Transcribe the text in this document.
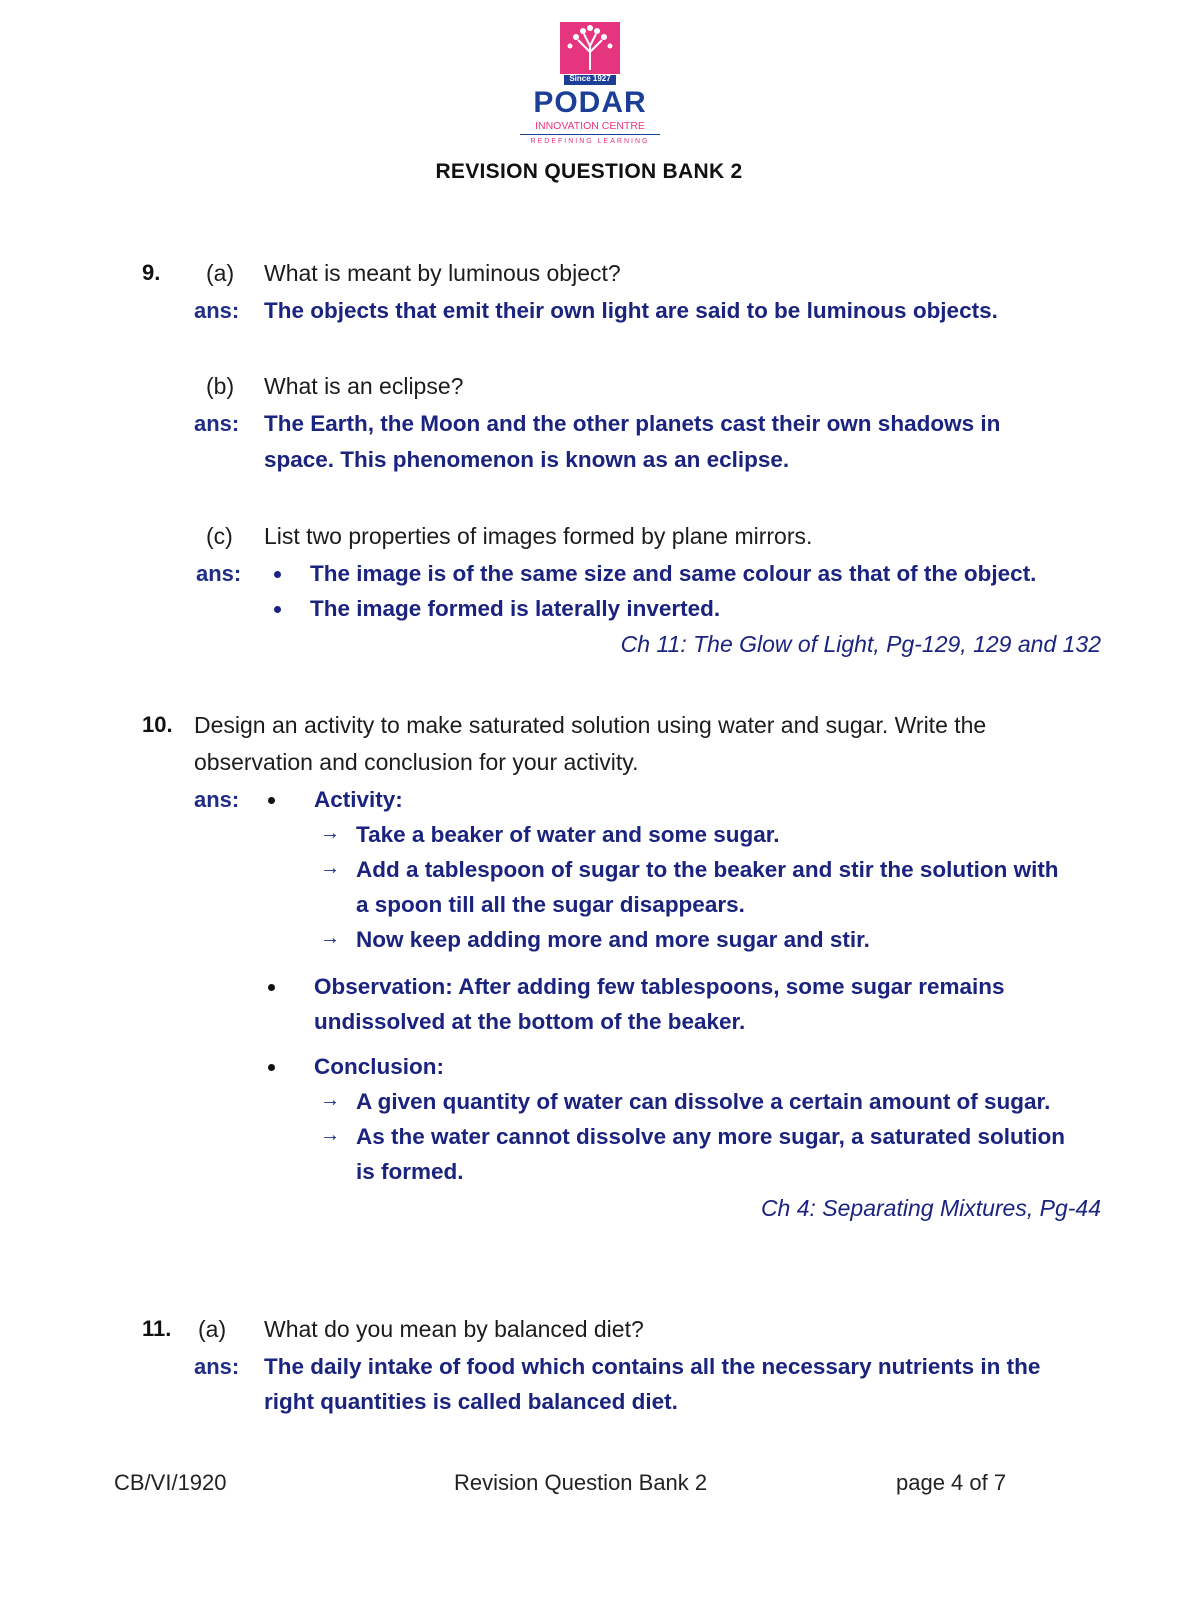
Since 1927
PODAR
INNOVATION CENTRE
REDEFINING LEARNING
REVISION QUESTION BANK 2
9. (a) What is meant by luminous object?
ans: The objects that emit their own light are said to be luminous objects.
(b) What is an eclipse?
ans: The Earth, the Moon and the other planets cast their own shadows in
space. This phenomenon is known as an eclipse.
(c) List two properties of images formed by plane mirrors.
ans:	The image is of the same size and same colour as that of the object.
The image formed is laterally inverted.
Ch 11: The Glow of Light, Pg-129, 129 and 132
10. Design an activity to make saturated solution using water and sugar. Write the
observation and conclusion for your activity.
ans:	Activity:
→ Take a beaker of water and some sugar.
→ Add a tablespoon of sugar to the beaker and stir the solution with
a spoon till all the sugar disappears.
→ Now keep adding more and more sugar and stir.
Observation: After adding few tablespoons, some sugar remains
undissolved at the bottom of the beaker.
Conclusion:
→ A given quantity of water can dissolve a certain amount of sugar.
→ As the water cannot dissolve any more sugar, a saturated solution
is formed.
Ch 4: Separating Mixtures, Pg-44
11. (a) What do you mean by balanced diet?
ans: The daily intake of food which contains all the necessary nutrients in the
right quantities is called balanced diet.
CB/VI/1920	Revision Question Bank 2	page 4 of 7
